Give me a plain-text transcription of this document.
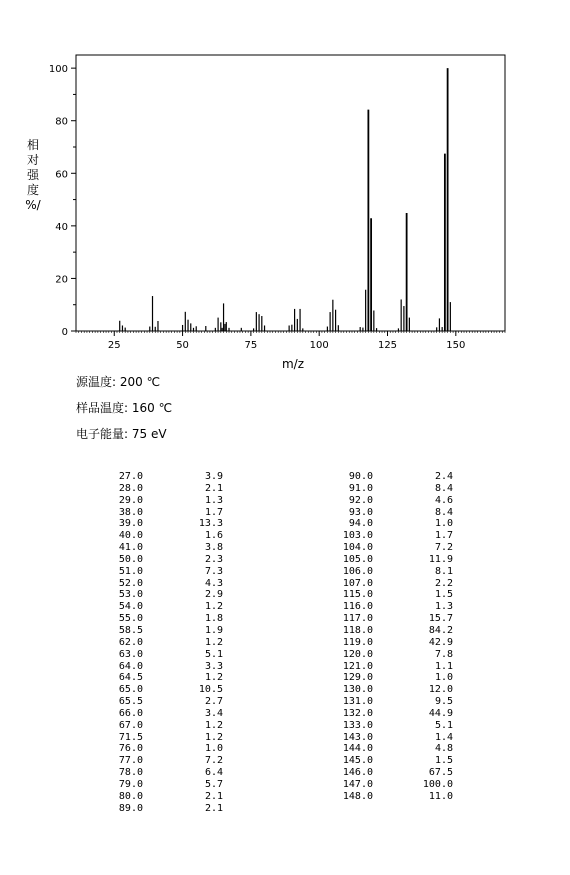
25	50	75	100	125	150
0
20
40
60
80
100
m/z
相
对
强
度
%/
源温度: 200 ℃
样品温度: 160 ℃
电子能量: 75 eV
27.0	3.9
28.0	2.1
29.0	1.3
38.0	1.7
39.0	13.3
40.0	1.6
41.0	3.8
50.0	2.3
51.0	7.3
52.0	4.3
53.0	2.9
54.0	1.2
55.0	1.8
58.5	1.9
62.0	1.2
63.0	5.1
64.0	3.3
64.5	1.2
65.0	10.5
65.5	2.7
66.0	3.4
67.0	1.2
71.5	1.2
76.0	1.0
77.0	7.2
78.0	6.4
79.0	5.7
80.0	2.1
89.0	2.1
90.0	2.4
91.0	8.4
92.0	4.6
93.0	8.4
94.0	1.0
103.0	1.7
104.0	7.2
105.0	11.9
106.0	8.1
107.0	2.2
115.0	1.5
116.0	1.3
117.0	15.7
118.0	84.2
119.0	42.9
120.0	7.8
121.0	1.1
129.0	1.0
130.0	12.0
131.0	9.5
132.0	44.9
133.0	5.1
143.0	1.4
144.0	4.8
145.0	1.5
146.0	67.5
147.0	100.0
148.0	11.0
